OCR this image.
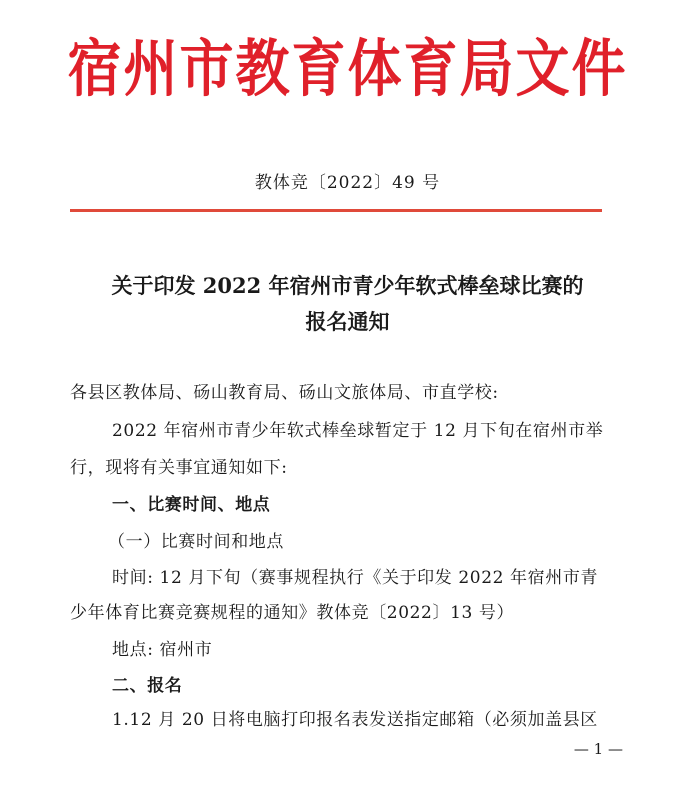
宿州市教育体育局文件
教体竞〔2022〕49 号
关于印发 2022 年宿州市青少年软式棒垒球比赛的
报名通知
各县区教体局、砀山教育局、砀山文旅体局、市直学校:
2022 年宿州市青少年软式棒垒球暂定于 12 月下旬在宿州市举
行，现将有关事宜通知如下:
一、比赛时间、地点
（一）比赛时间和地点
时间: 12 月下旬（赛事规程执行《关于印发 2022 年宿州市青
少年体育比赛竞赛规程的通知》教体竞〔2022〕13 号）
地点: 宿州市
二、报名
1.12 月 20 日将电脑打印报名表发送指定邮箱（必须加盖县区
— 1 —
